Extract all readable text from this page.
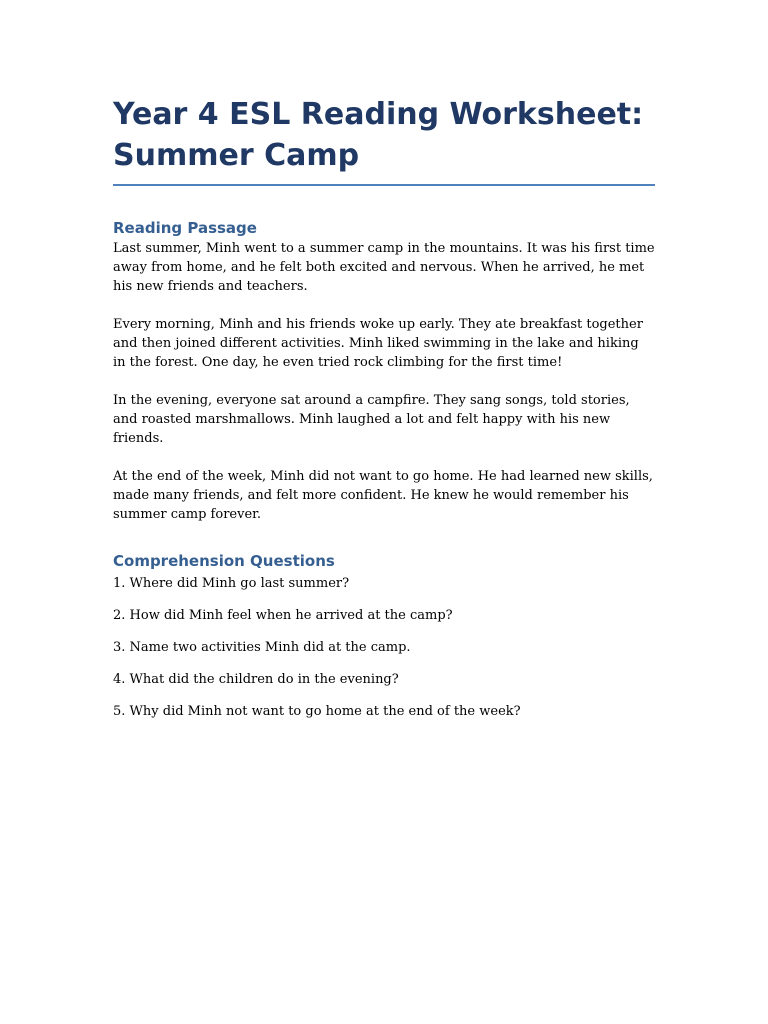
Year 4 ESL Reading Worksheet: Summer Camp
Reading Passage

Last summer, Minh went to a summer camp in the mountains. It was his first time away from home, and he felt both excited and nervous. When he arrived, he met his new friends and teachers.

Every morning, Minh and his friends woke up early. They ate breakfast together and then joined different activities. Minh liked swimming in the lake and hiking in the forest. One day, he even tried rock climbing for the first time!

In the evening, everyone sat around a campfire. They sang songs, told stories, and roasted marshmallows. Minh laughed a lot and felt happy with his new friends.

At the end of the week, Minh did not want to go home. He had learned new skills, made many friends, and felt more confident. He knew he would remember his summer camp forever.

Comprehension Questions

1. Where did Minh go last summer?

2. How did Minh feel when he arrived at the camp?

3. Name two activities Minh did at the camp.

4. What did the children do in the evening?

5. Why did Minh not want to go home at the end of the week?
